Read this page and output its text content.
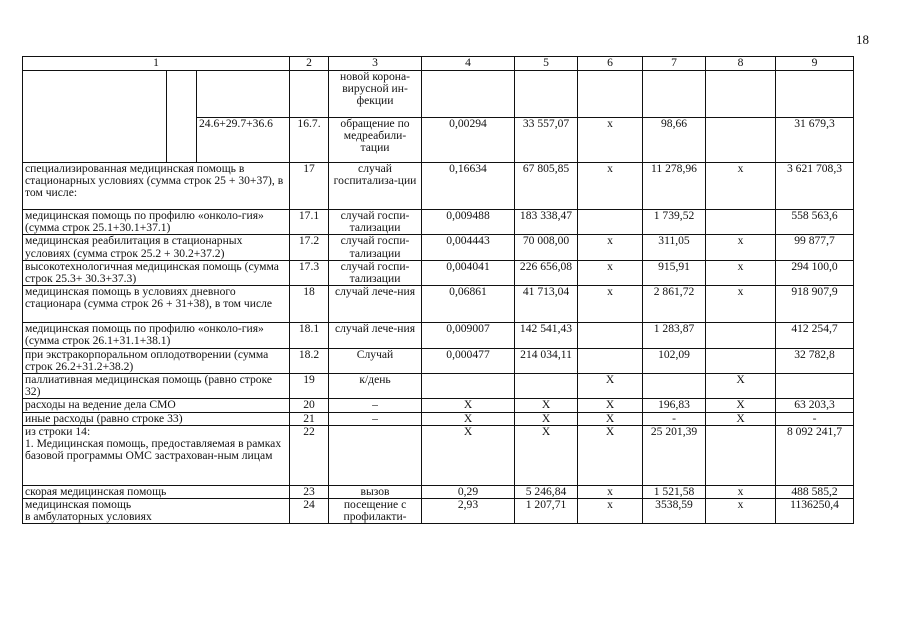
18
1			2	3	4	5	6	7	8	9	
				новой корона-вирусной ин-фекции							
		24.6+29.7+36.6	16.7.	обращение по медреабили-тации	0,00294	33 557,07	х	98,66		31 679,3	
специализированная медицинская помощь в стационарных условиях (сумма строк 25 + 30+37), в том числе:			17	случай госпитализа-ции	0,16634	67 805,85	х	11 278,96	х	3 621 708,3	
медицинская помощь по профилю «онколо-гия» (сумма строк 25.1+30.1+37.1)			17.1	случай госпи-тализации	0,009488	183 338,47		1 739,52		558 563,6	
медицинская реабилитация в стационарных условиях (сумма строк 25.2 + 30.2+37.2)			17.2	случай госпи-тализации	0,004443	70 008,00	х	311,05	х	99 877,7	
высокотехнологичная медицинская помощь (сумма строк 25.3+ 30.3+37.3)			17.3	случай госпи-тализации	0,004041	226 656,08	х	915,91	х	294 100,0	
медицинская помощь в условиях дневного стационара (сумма строк 26 + 31+38), в том числе			18	случай лече-ния	0,06861	41 713,04	х	2 861,72	х	918 907,9	
медицинская помощь по профилю «онколо-гия» (сумма строк 26.1+31.1+38.1)			18.1	случай лече-ния	0,009007	142 541,43		1 283,87		412 254,7	
при экстракорпоральном оплодотворении (сумма строк 26.2+31.2+38.2)			18.2	Случай	0,000477	214 034,11		102,09		32 782,8	
паллиативная медицинская помощь (равно строке 32)			19	к/день			Х		Х		
расходы на ведение дела СМО			20	–	Х	Х	Х	196,83	Х	63 203,3	
иные расходы (равно строке 33)			21	–	Х	Х	Х	-	Х	-	
из строки 14:
1. Медицинская помощь, предоставляемая в рамках базовой программы ОМС застрахован-ным лицам			22		Х	Х	Х	25 201,39		8 092 241,7	
скорая медицинская помощь			23	вызов	0,29	5 246,84	х	1 521,58	х	488 585,2	
медицинская помощь
в амбулаторных условиях			24	посещение с профилакти-	2,93	1 207,71	х	3538,59	х	1136250,4	
